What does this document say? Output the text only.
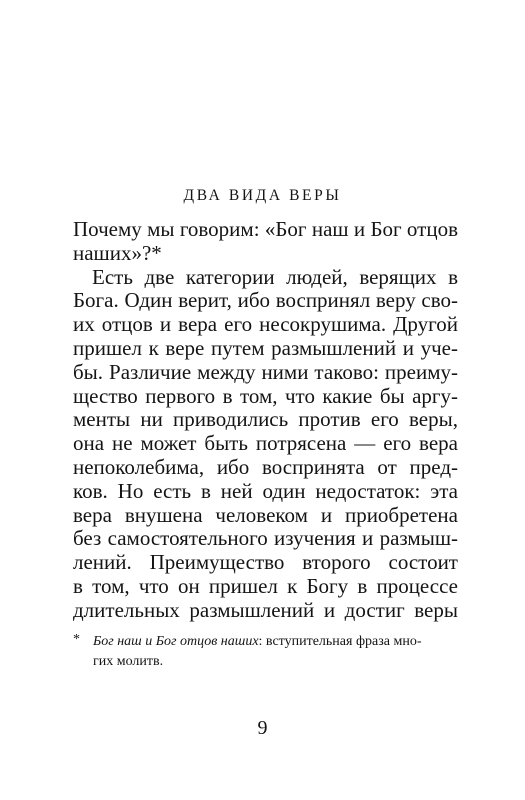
ДВА ВИДА ВЕРЫ
Почему мы говорим: «Бог наш и Бог отцов
наших»?*
Есть две категории людей, верящих в
Бога. Один верит, ибо воспринял веру сво-
их отцов и вера его несокрушима. Другой
пришел к вере путем размышлений и уче-
бы. Различие между ними таково: преиму-
щество первого в том, что какие бы аргу-
менты ни приводились против его веры,
она не может быть потрясена — его вера
непоколебима, ибо воспринята от пред-
ков. Но есть в ней один недостаток: эта
вера внушена человеком и приобретена
без самостоятельного изучения и размыш-
лений. Преимущество второго состоит
в том, что он пришел к Богу в процессе
длительных размышлений и достиг веры
* Бог наш и Бог отцов наших: вступительная фраза мно-
гих молитв.
9
